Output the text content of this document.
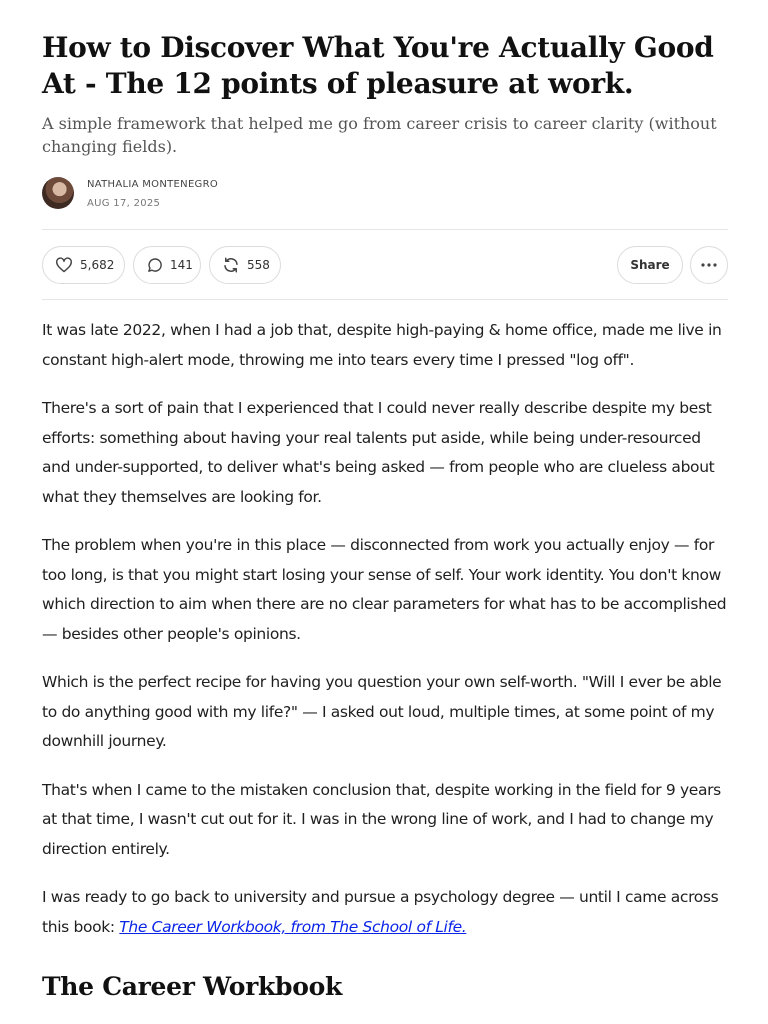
How to Discover What You're Actually Good At - The 12 points of pleasure at work.

A simple framework that helped me go from career crisis to career clarity (without changing fields).

NATHALIA MONTENEGRO
AUG 17, 2025
5,682	141	558	Share

It was late 2022, when I had a job that, despite high-paying & home office, made me live in constant high-alert mode, throwing me into tears every time I pressed "log off".

There's a sort of pain that I experienced that I could never really describe despite my best efforts: something about having your real talents put aside, while being under-resourced and under-supported, to deliver what's being asked — from people who are clueless about what they themselves are looking for.

The problem when you're in this place — disconnected from work you actually enjoy — for too long, is that you might start losing your sense of self. Your work identity. You don't know which direction to aim when there are no clear parameters for what has to be accomplished — besides other people's opinions.

Which is the perfect recipe for having you question your own self-worth. "Will I ever be able to do anything good with my life?" — I asked out loud, multiple times, at some point of my downhill journey.

That's when I came to the mistaken conclusion that, despite working in the field for 9 years at that time, I wasn't cut out for it. I was in the wrong line of work, and I had to change my direction entirely.

I was ready to go back to university and pursue a psychology degree — until I came across this book: The Career Workbook, from The School of Life.

The Career Workbook
